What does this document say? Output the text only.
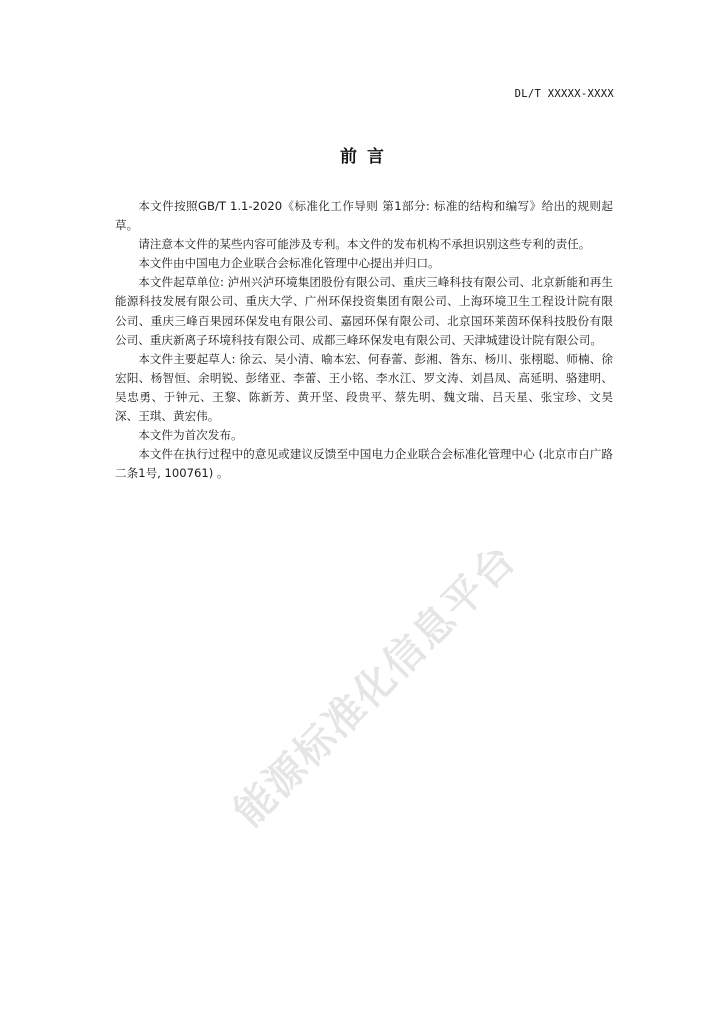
DL/T XXXXX-XXXX
前言

本文件按照GB/T 1.1-2020《标准化工作导则 第1部分: 标准的结构和编写》给出的规则起草。

请注意本文件的某些内容可能涉及专利。本文件的发布机构不承担识别这些专利的责任。

本文件由中国电力企业联合会标准化管理中心提出并归口。

本文件起草单位: 泸州兴泸环境集团股份有限公司、重庆三峰科技有限公司、北京新能和再生能源科技发展有限公司、重庆大学、广州环保投资集团有限公司、上海环境卫生工程设计院有限公司、重庆三峰百果园环保发电有限公司、嘉园环保有限公司、北京国环莱茵环保科技股份有限公司、重庆新离子环境科技有限公司、成都三峰环保发电有限公司、天津城建设计院有限公司。

本文件主要起草人: 徐云、吴小清、喻本宏、何春蕾、彭湘、昝东、杨川、张栩聪、师楠、徐宏阳、杨智恒、余明锐、彭绪亚、李蕾、王小铭、李水江、罗文涛、刘昌凤、高延明、骆建明、吴忠勇、于钟元、王黎、陈新芳、黄开坚、段贵平、蔡先明、魏文瑞、吕天星、张宝珍、文昊深、王琪、黄宏伟。

本文件为首次发布。

本文件在执行过程中的意见或建议反馈至中国电力企业联合会标准化管理中心 (北京市白广路二条1号, 100761) 。

能源标准化信息平台
